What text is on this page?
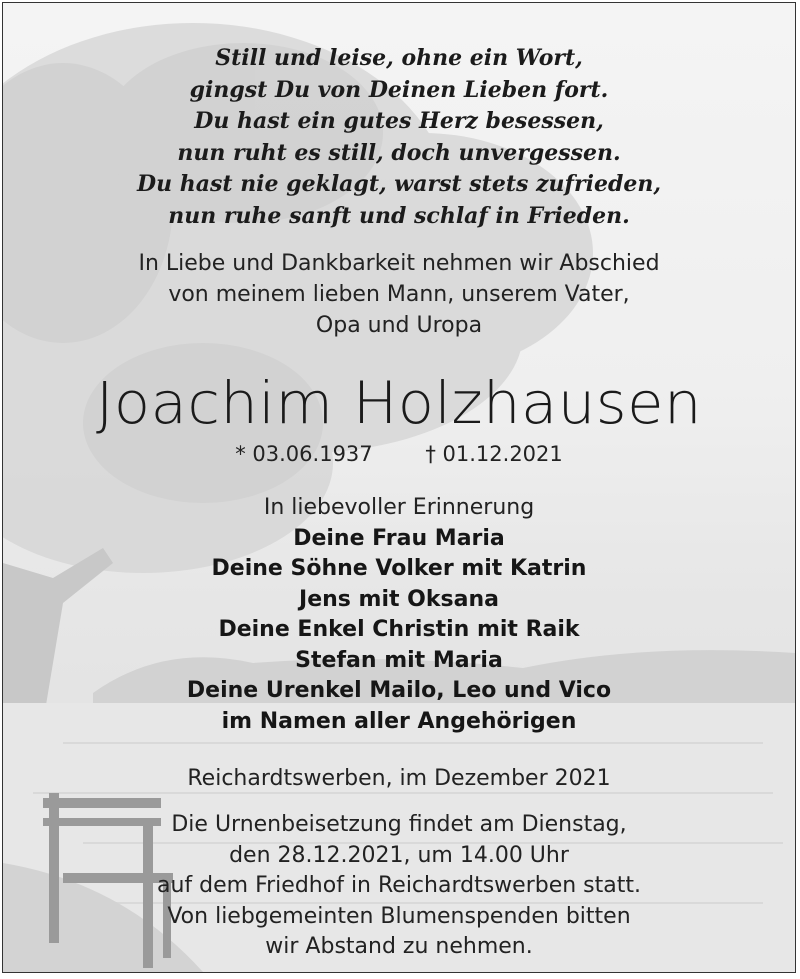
Still und leise, ohne ein Wort,
gingst Du von Deinen Lieben fort.
Du hast ein gutes Herz besessen,
nun ruht es still, doch unvergessen.
Du hast nie geklagt, warst stets zufrieden,
nun ruhe sanft und schlaf in Frieden.
In Liebe und Dankbarkeit nehmen wir Abschied
von meinem lieben Mann, unserem Vater,
Opa und Uropa
Joachim Holzhausen
* 03.06.1937	† 01.12.2021
In liebevoller Erinnerung
Deine Frau Maria
Deine Söhne Volker mit Katrin
Jens mit Oksana
Deine Enkel Christin mit Raik
Stefan mit Maria
Deine Urenkel Mailo, Leo und Vico
im Namen aller Angehörigen
Reichardtswerben, im Dezember 2021
Die Urnenbeisetzung findet am Dienstag,
den 28.12.2021, um 14.00 Uhr
auf dem Friedhof in Reichardtswerben statt.
Von liebgemeinten Blumenspenden bitten
wir Abstand zu nehmen.
